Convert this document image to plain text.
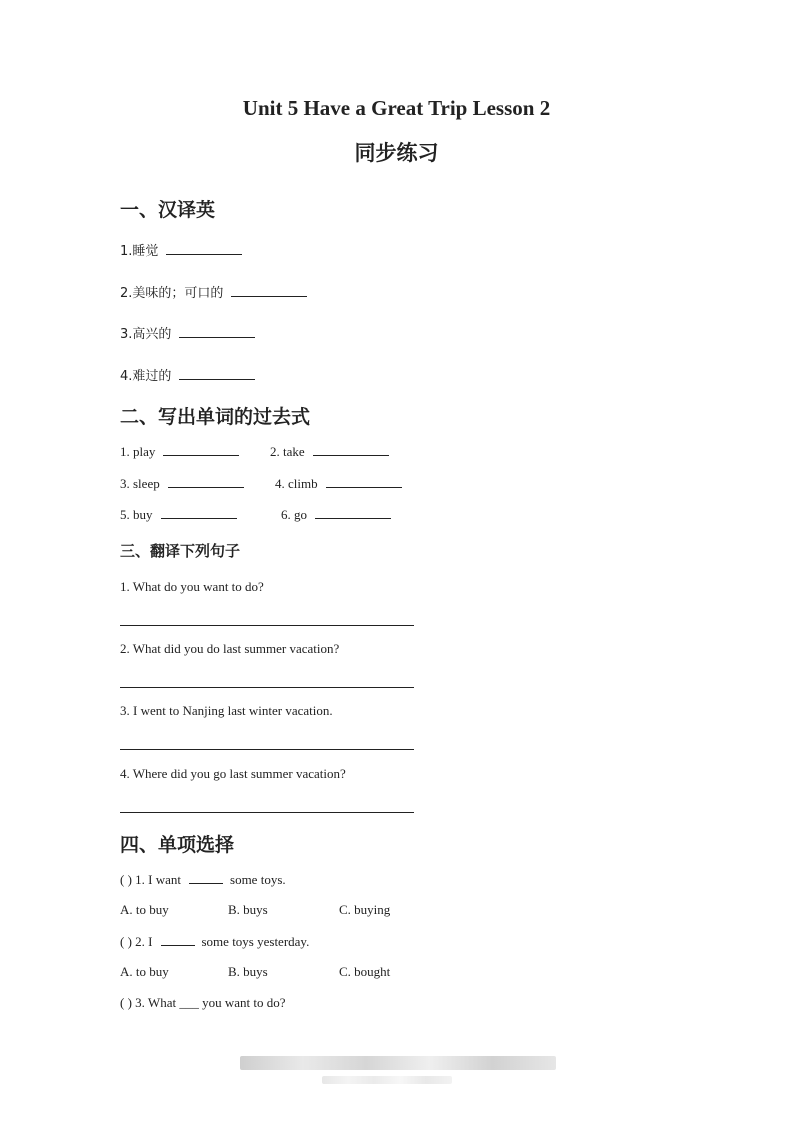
Unit 5 Have a Great Trip Lesson 2
同步练习
一、汉译英
1.睡觉
2.美味的；可口的
3.高兴的
4.难过的
二、写出单词的过去式
1. play	2. take
3. sleep	4. climb
5. buy	6. go
三、翻译下列句子
1. What do you want to do?
2. What did you do last summer vacation?
3. I went to Nanjing last winter vacation.
4. Where did you go last summer vacation?
四、单项选择
( ) 1. I want	some toys.
A. to buy	B. buys	C. buying
( ) 2. I	some toys yesterday.
A. to buy	B. buys	C. bought
( ) 3. What ___ you want to do?
